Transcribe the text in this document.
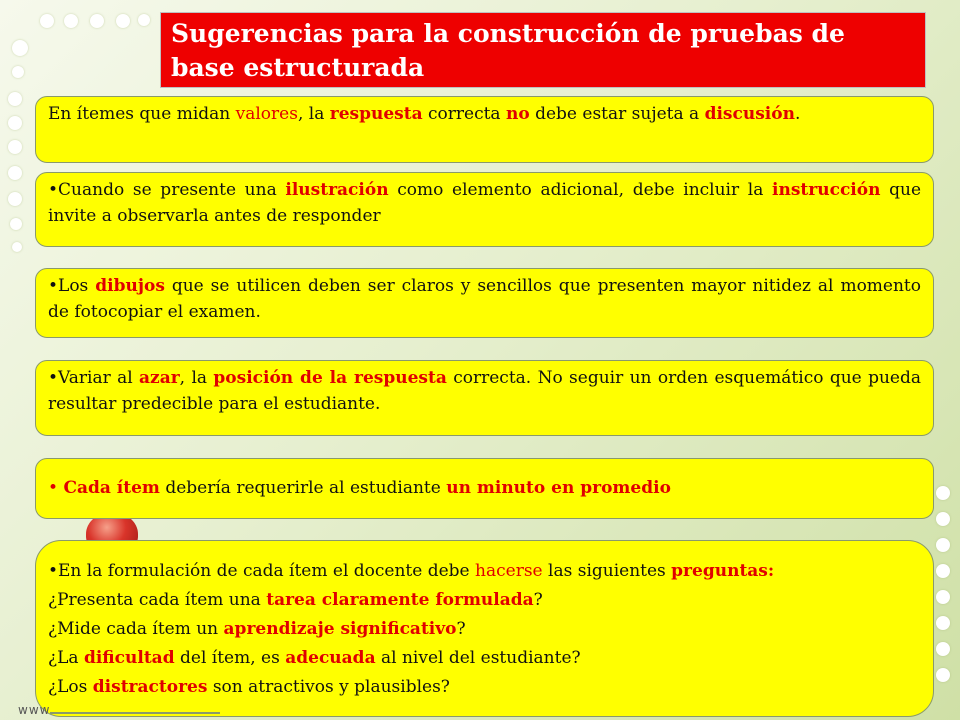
Sugerencias para la construcción de pruebas de base estructurada
En ítemes que midan valores, la respuesta correcta no debe estar sujeta a discusión.
•Cuando se presente una ilustración como elemento adicional, debe incluir la instrucción que invite a observarla antes de responder
•Los dibujos que se utilicen deben ser claros y sencillos que presenten mayor nitidez al momento de fotocopiar el examen.
•Variar al azar, la posición de la respuesta correcta. No seguir un orden esquemático que pueda resultar predecible para el estudiante.
• Cada ítem debería requerirle al estudiante un minuto en promedio
•En la formulación de cada ítem el docente debe hacerse las siguientes preguntas:
¿Presenta cada ítem una tarea claramente formulada?
¿Mide cada ítem un aprendizaje significativo?
¿La dificultad del ítem, es adecuada al nivel del estudiante?
¿Los distractores son atractivos y plausibles?
www
